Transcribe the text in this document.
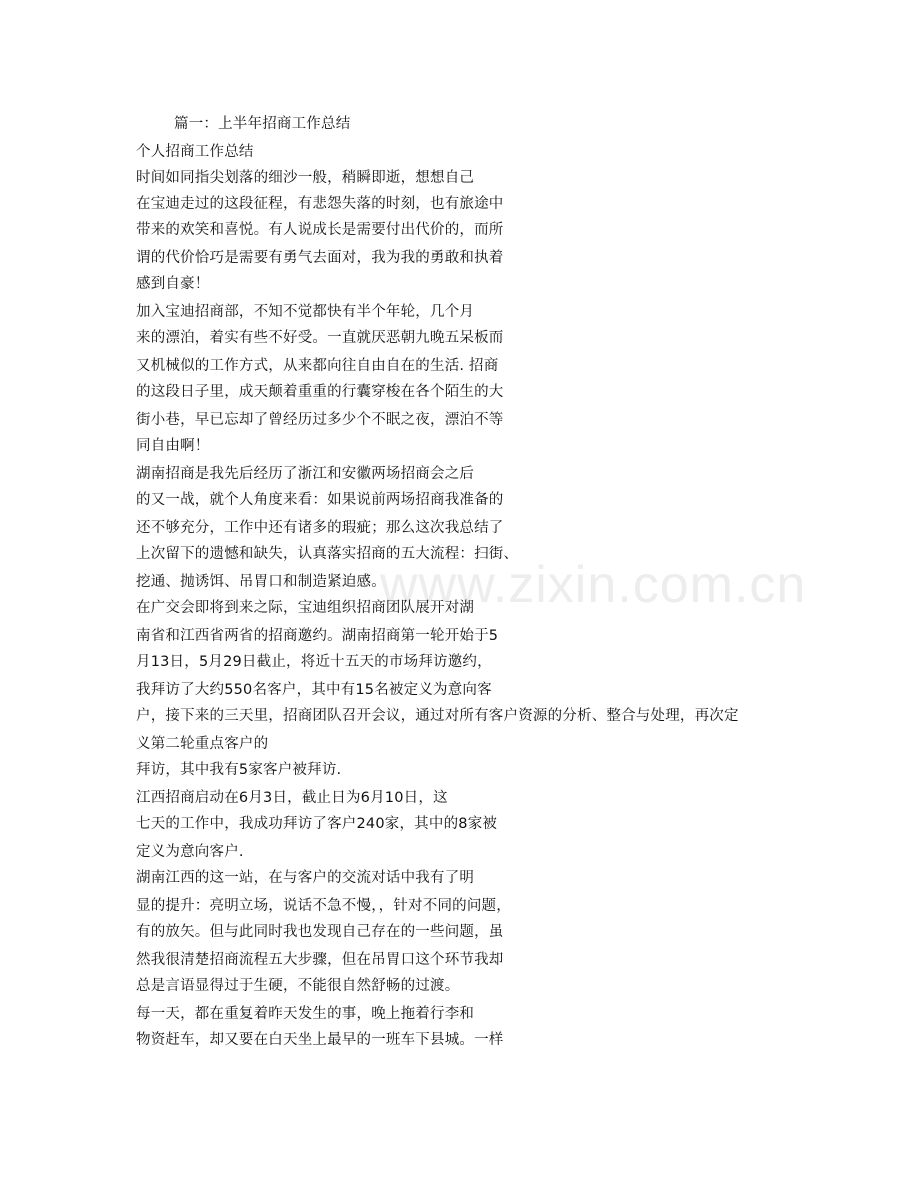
www.zixin.com.cn
篇一：上半年招商工作总结
个人招商工作总结
时间如同指尖划落的细沙一般，稍瞬即逝，想想自己
在宝迪走过的这段征程，有悲怨失落的时刻，也有旅途中
带来的欢笑和喜悦。有人说成长是需要付出代价的，而所
谓的代价恰巧是需要有勇气去面对，我为我的勇敢和执着
感到自豪！
加入宝迪招商部，不知不觉都快有半个年轮，几个月
来的漂泊，着实有些不好受。一直就厌恶朝九晚五呆板而
又机械似的工作方式，从来都向往自由自在的生活. 招商
的这段日子里，成天颠着重重的行囊穿梭在各个陌生的大
街小巷，早已忘却了曾经历过多少个不眠之夜，漂泊不等
同自由啊！
湖南招商是我先后经历了浙江和安徽两场招商会之后
的又一战，就个人角度来看：如果说前两场招商我准备的
还不够充分，工作中还有诸多的瑕疵；那么这次我总结了
上次留下的遗憾和缺失，认真落实招商的五大流程：扫街、
挖通、抛诱饵、吊胃口和制造紧迫感。
在广交会即将到来之际，宝迪组织招商团队展开对湖
南省和江西省两省的招商邀约。湖南招商第一轮开始于5
月13日，5月29日截止，将近十五天的市场拜访邀约，
我拜访了大约550名客户，其中有15名被定义为意向客
户，接下来的三天里，招商团队召开会议，通过对所有客户资源的分析、整合与处理，再次定
义第二轮重点客户的
拜访，其中我有5家客户被拜访.
江西招商启动在6月3日，截止日为6月10日，这
七天的工作中，我成功拜访了客户240家，其中的8家被
定义为意向客户.
湖南江西的这一站，在与客户的交流对话中我有了明
显的提升：亮明立场，说话不急不慢，，针对不同的问题，
有的放矢。但与此同时我也发现自己存在的一些问题，虽
然我很清楚招商流程五大步骤，但在吊胃口这个环节我却
总是言语显得过于生硬，不能很自然舒畅的过渡。
每一天，都在重复着昨天发生的事，晚上拖着行李和
物资赶车，却又要在白天坐上最早的一班车下县城。一样
